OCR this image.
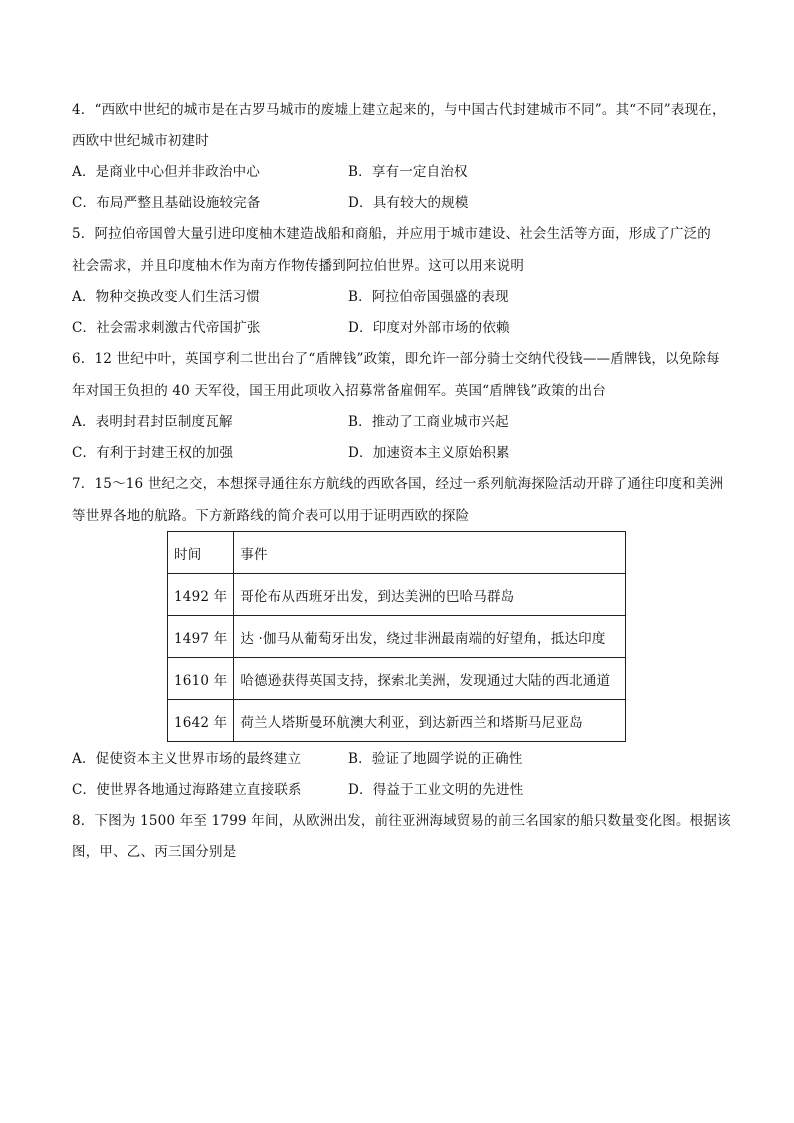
4．“西欧中世纪的城市是在古罗马城市的废墟上建立起来的，与中国古代封建城市不同”。其“不同”表现在，
西欧中世纪城市初建时
A．是商业中心但并非政治中心	B．享有一定自治权
C．布局严整且基础设施较完备	D．具有较大的规模
5．阿拉伯帝国曾大量引进印度柚木建造战船和商船，并应用于城市建设、社会生活等方面，形成了广泛的
社会需求，并且印度柚木作为南方作物传播到阿拉伯世界。这可以用来说明
A．物种交换改变人们生活习惯	B．阿拉伯帝国强盛的表现
C．社会需求刺激古代帝国扩张	D．印度对外部市场的依赖
6．12 世纪中叶，英国亨利二世出台了“盾牌钱”政策，即允许一部分骑士交纳代役钱——盾牌钱，以免除每
年对国王负担的 40 天军役，国王用此项收入招募常备雇佣军。英国“盾牌钱”政策的出台
A．表明封君封臣制度瓦解	B．推动了工商业城市兴起
C．有利于封建王权的加强	D．加速资本主义原始积累
7．15～16 世纪之交，本想探寻通往东方航线的西欧各国，经过一系列航海探险活动开辟了通往印度和美洲
等世界各地的航路。下方新路线的简介表可以用于证明西欧的探险
时间	事件
1492 年	哥伦布从西班牙出发，到达美洲的巴哈马群岛
1497 年	达 ·伽马从葡萄牙出发，绕过非洲最南端的好望角，抵达印度
1610 年	哈德逊获得英国支持，探索北美洲，发现通过大陆的西北通道
1642 年	荷兰人塔斯曼环航澳大利亚，到达新西兰和塔斯马尼亚岛
A．促使资本主义世界市场的最终建立	B．验证了地圆学说的正确性
C．使世界各地通过海路建立直接联系	D．得益于工业文明的先进性
8．下图为 1500 年至 1799 年间，从欧洲出发，前往亚洲海域贸易的前三名国家的船只数量变化图。根据该
图，甲、乙、丙三国分别是
